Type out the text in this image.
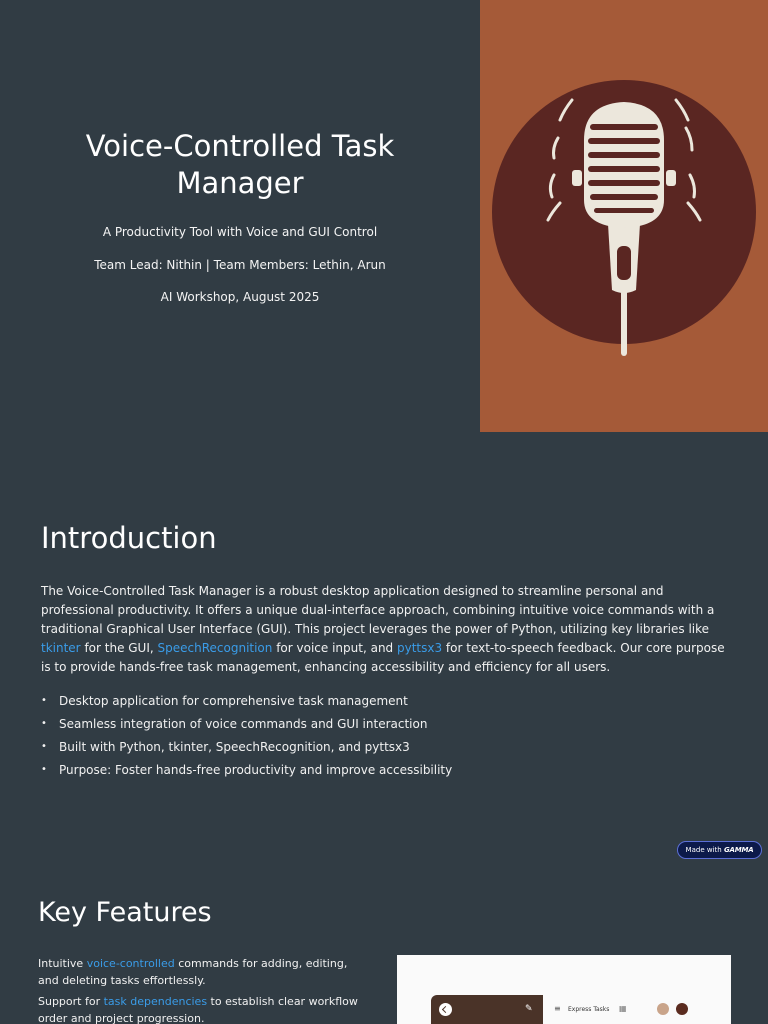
Voice-Controlled Task Manager

A Productivity Tool with Voice and GUI Control

Team Lead: Nithin | Team Members: Lethin, Arun

AI Workshop, August 2025

Introduction

The Voice-Controlled Task Manager is a robust desktop application designed to streamline personal and professional productivity. It offers a unique dual-interface approach, combining intuitive voice commands with a traditional Graphical User Interface (GUI). This project leverages the power of Python, utilizing key libraries like tkinter for the GUI, SpeechRecognition for voice input, and pyttsx3 for text-to-speech feedback. Our core purpose is to provide hands-free task management, enhancing accessibility and efficiency for all users.

• Desktop application for comprehensive task management
• Seamless integration of voice commands and GUI interaction
• Built with Python, tkinter, SpeechRecognition, and pyttsx3
• Purpose: Foster hands-free productivity and improve accessibility
Made with GAMMA
Key Features

Intuitive voice-controlled commands for adding, editing, and deleting tasks effortlessly.

Support for task dependencies to establish clear workflow order and project progression.

✎	≡ Express Tasks ▦
